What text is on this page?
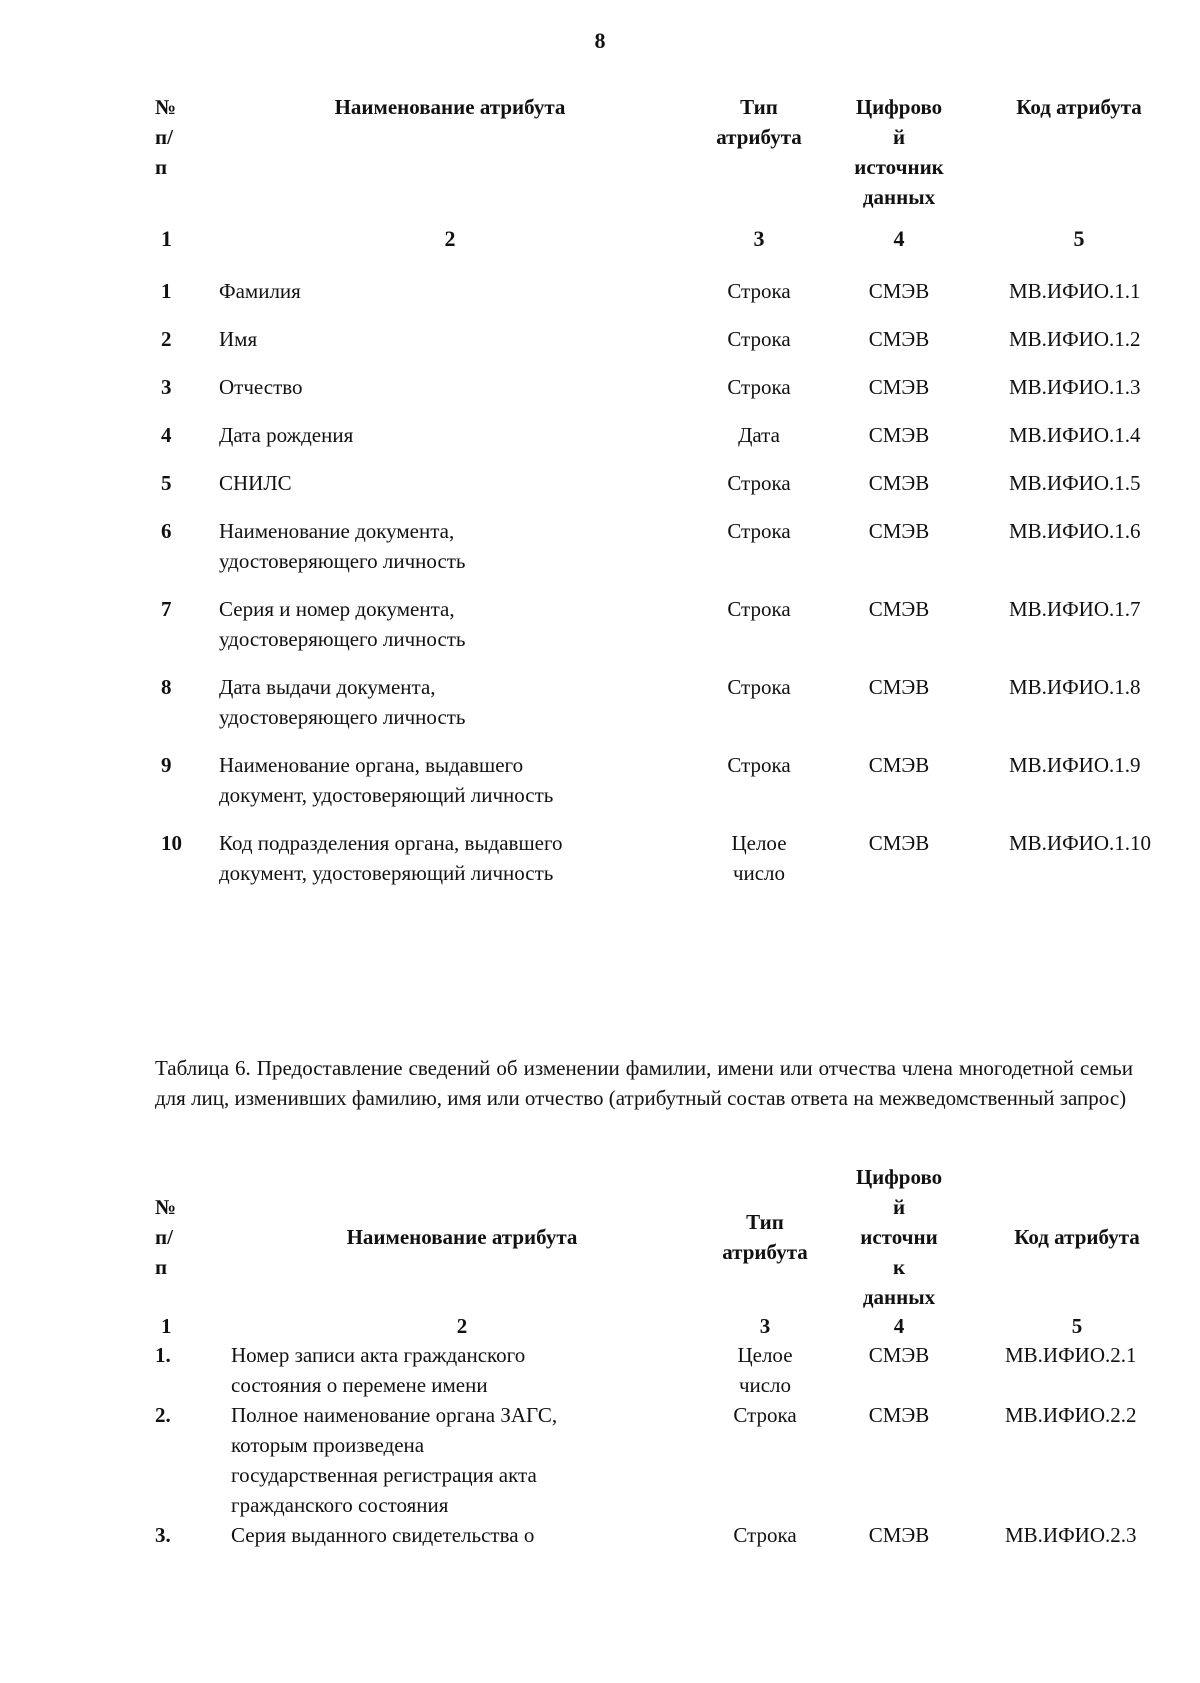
8
№
п/
п	Наименование атрибута	Тип
атрибута	Цифрово
й
источник
данных	Код атрибута
1	2	3	4	5
1	Фамилия	Строка	СМЭВ	МВ.ИФИО.1.1
2	Имя	Строка	СМЭВ	МВ.ИФИО.1.2
3	Отчество	Строка	СМЭВ	МВ.ИФИО.1.3
4	Дата рождения	Дата	СМЭВ	МВ.ИФИО.1.4
5	СНИЛС	Строка	СМЭВ	МВ.ИФИО.1.5
6	Наименование документа,
удостоверяющего личность	Строка	СМЭВ	МВ.ИФИО.1.6
7	Серия и номер документа,
удостоверяющего личность	Строка	СМЭВ	МВ.ИФИО.1.7
8	Дата выдачи документа,
удостоверяющего личность	Строка	СМЭВ	МВ.ИФИО.1.8
9	Наименование органа, выдавшего
документ, удостоверяющий личность	Строка	СМЭВ	МВ.ИФИО.1.9
10	Код подразделения органа, выдавшего
документ, удостоверяющий личность	Целое
число	СМЭВ	МВ.ИФИО.1.10
Таблица 6. Предоставление сведений об изменении фамилии, имени или отчества члена многодетной семьи для лиц, изменивших фамилию, имя или отчество (атрибутный состав ответа на межведомственный запрос)
№
п/
п	Наименование атрибута	Тип
атрибута	Цифрово
й
источни
к
данных	Код атрибута
1	2	3	4	5
1.	Номер записи акта гражданского
состояния о перемене имени	Целое
число	СМЭВ	МВ.ИФИО.2.1
2.	Полное наименование органа ЗАГС,
которым произведена
государственная регистрация акта
гражданского состояния	Строка	СМЭВ	МВ.ИФИО.2.2
3.	Серия выданного свидетельства о	Строка	СМЭВ	МВ.ИФИО.2.3
